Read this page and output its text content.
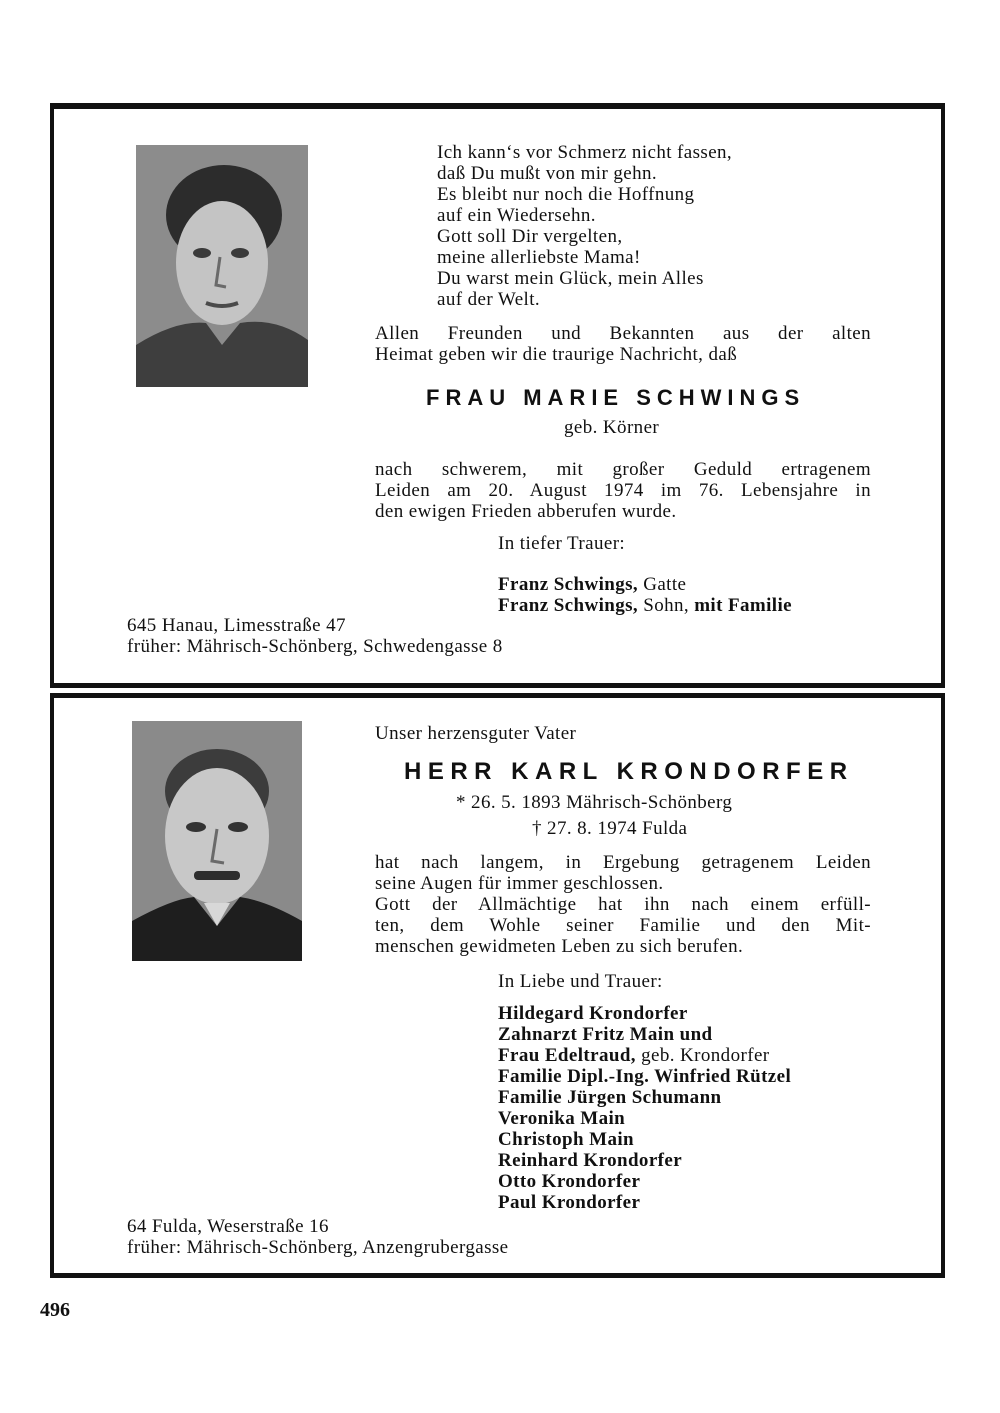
Ich kann‘s vor Schmerz nicht fassen,
daß Du mußt von mir gehn.
Es bleibt nur noch die Hoffnung
auf ein Wiedersehn.
Gott soll Dir vergelten,
meine allerliebste Mama!
Du warst mein Glück, mein Alles
auf der Welt.
Allen Freunden und Bekannten aus der alten
Heimat geben wir die traurige Nachricht, daß
FRAU MARIE SCHWINGS
geb. Körner
nach schwerem, mit großer Geduld ertragenem
Leiden am 20. August 1974 im 76. Lebensjahre in
den ewigen Frieden abberufen wurde.
In tiefer Trauer:
Franz Schwings, Gatte
Franz Schwings, Sohn, mit Familie
645 Hanau, Limesstraße 47
früher: Mährisch-Schönberg, Schwedengasse 8
Unser herzensguter Vater
HERR KARL KRONDORFER
* 26. 5. 1893 Mährisch-Schönberg
† 27. 8. 1974 Fulda
hat nach langem, in Ergebung getragenem Leiden
seine Augen für immer geschlossen.
Gott der Allmächtige hat ihn nach einem erfüll-
ten, dem Wohle seiner Familie und den Mit-
menschen gewidmeten Leben zu sich berufen.
In Liebe und Trauer:
Hildegard Krondorfer
Zahnarzt Fritz Main und
Frau Edeltraud, geb. Krondorfer
Familie Dipl.-Ing. Winfried Rützel
Familie Jürgen Schumann
Veronika Main
Christoph Main
Reinhard Krondorfer
Otto Krondorfer
Paul Krondorfer
64 Fulda, Weserstraße 16
früher: Mährisch-Schönberg, Anzengrubergasse
496
